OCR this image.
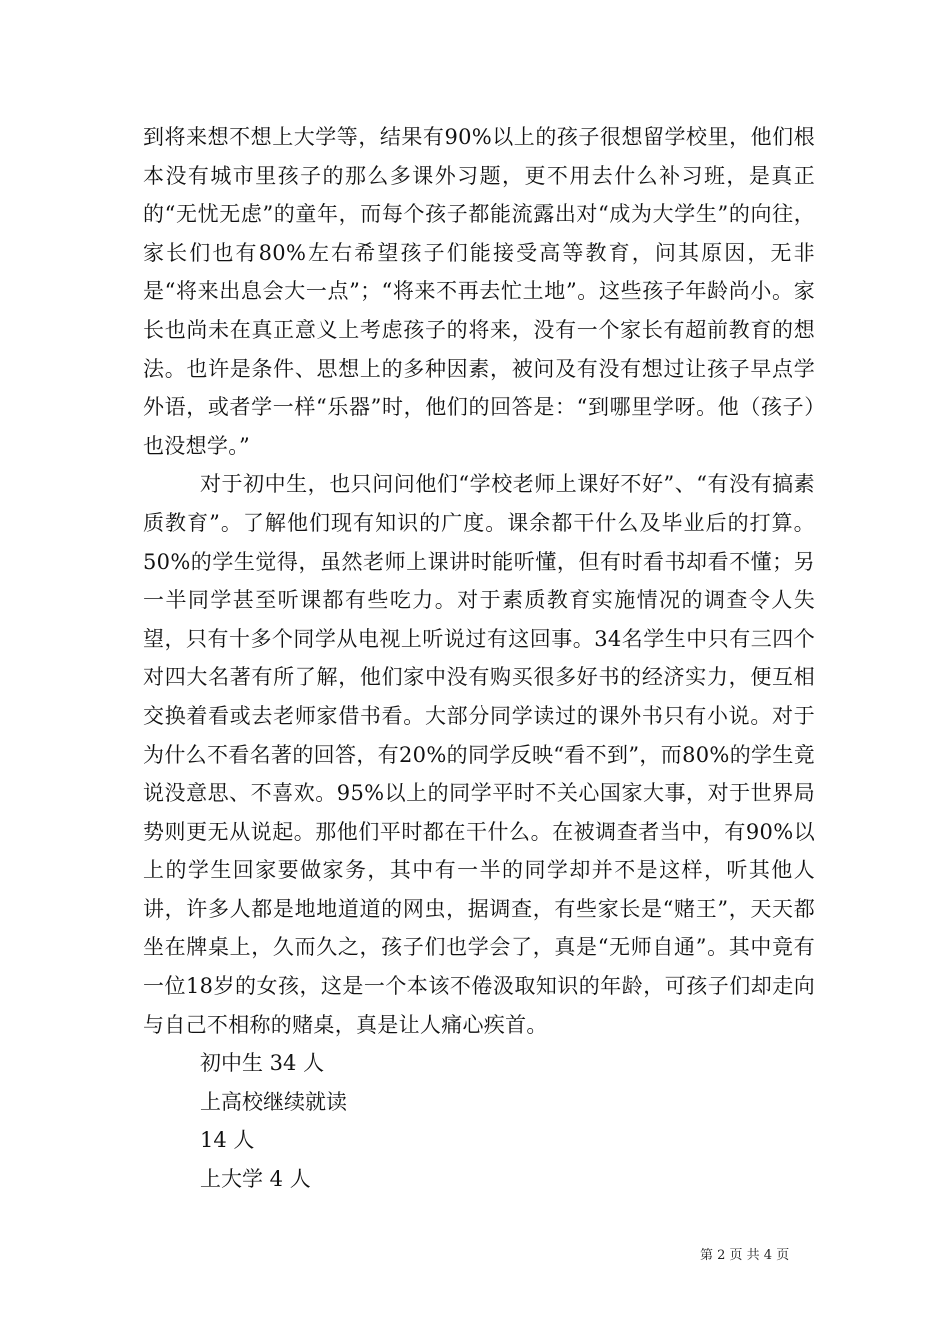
到将来想不想上大学等，结果有90%以上的孩子很想留学校里，他们根本没有城市里孩子的那么多课外习题，更不用去什么补习班，是真正的“无忧无虑”的童年，而每个孩子都能流露出对“成为大学生”的向往，家长们也有80%左右希望孩子们能接受高等教育，问其原因，无非是“将来出息会大一点”；“将来不再去忙土地”。这些孩子年龄尚小。家长也尚未在真正意义上考虑孩子的将来，没有一个家长有超前教育的想法。也许是条件、思想上的多种因素，被问及有没有想过让孩子早点学外语，或者学一样“乐器”时，他们的回答是：“到哪里学呀。他（孩子）也没想学。”

对于初中生，也只问问他们“学校老师上课好不好”、“有没有搞素质教育”。了解他们现有知识的广度。课余都干什么及毕业后的打算。50%的学生觉得，虽然老师上课讲时能听懂，但有时看书却看不懂；另一半同学甚至听课都有些吃力。对于素质教育实施情况的调查令人失望，只有十多个同学从电视上听说过有这回事。34名学生中只有三四个对四大名著有所了解，他们家中没有购买很多好书的经济实力，便互相交换着看或去老师家借书看。大部分同学读过的课外书只有小说。对于为什么不看名著的回答，有20%的同学反映“看不到”，而80%的学生竟说没意思、不喜欢。95%以上的同学平时不关心国家大事，对于世界局势则更无从说起。那他们平时都在干什么。在被调查者当中，有90%以上的学生回家要做家务，其中有一半的同学却并不是这样，听其他人讲，许多人都是地地道道的网虫，据调查，有些家长是“赌王”，天天都坐在牌桌上，久而久之，孩子们也学会了，真是“无师自通”。其中竟有一位18岁的女孩，这是一个本该不倦汲取知识的年龄，可孩子们却走向与自己不相称的赌桌，真是让人痛心疾首。

初中生 34 人

上高校继续就读

14 人

上大学 4 人

第 2 页 共 4 页
